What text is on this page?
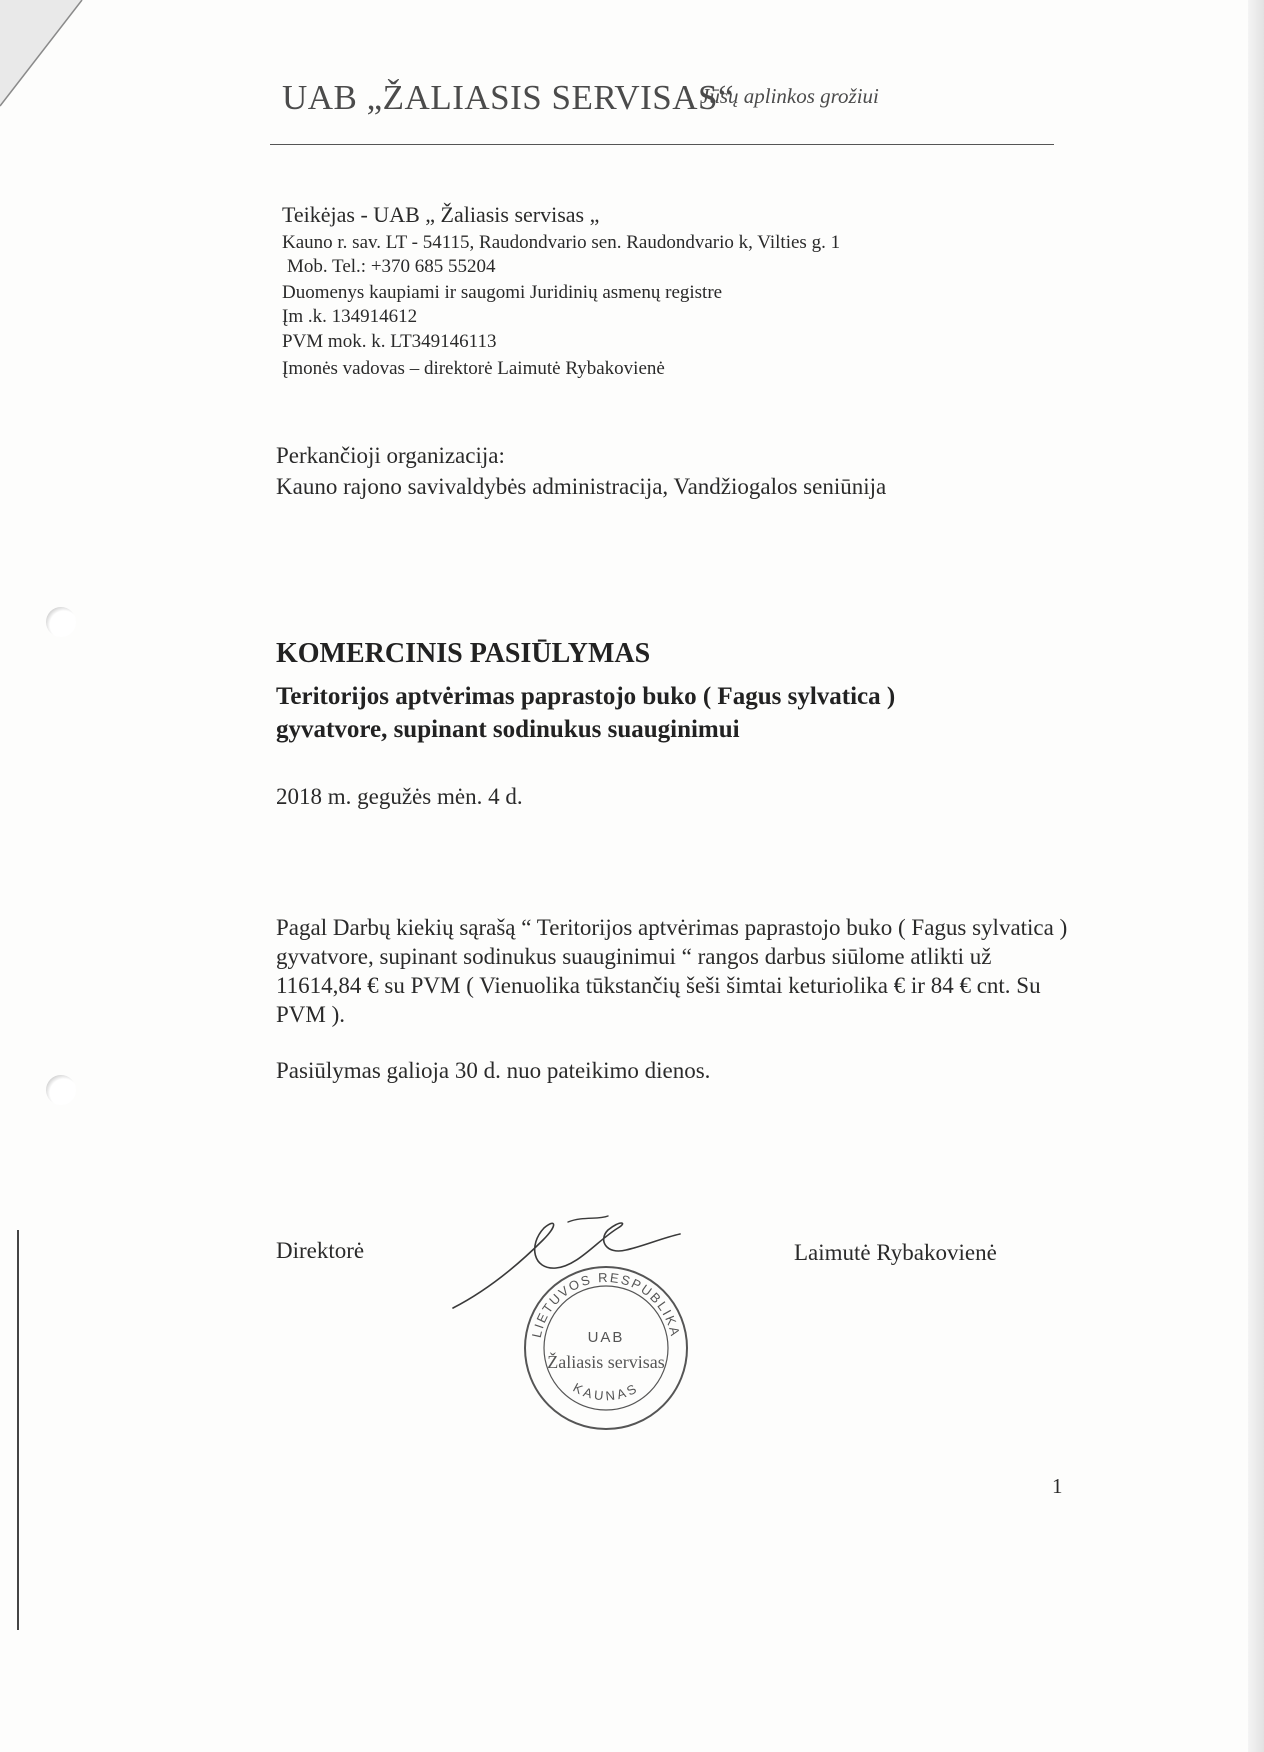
UAB „ŽALIASIS SERVISAS“
Jūsų aplinkos grožiui
Teikėjas - UAB „ Žaliasis servisas „
Kauno r. sav. LT - 54115, Raudondvario sen. Raudondvario k, Vilties g. 1
Mob. Tel.: +370 685 55204
Duomenys kaupiami ir saugomi Juridinių asmenų registre
Įm .k. 134914612
PVM mok. k. LT349146113
Įmonės vadovas – direktorė Laimutė Rybakovienė
Perkančioji organizacija:
Kauno rajono savivaldybės administracija, Vandžiogalos seniūnija
KOMERCINIS PASIŪLYMAS
Teritorijos aptvėrimas paprastojo buko ( Fagus sylvatica )
gyvatvore, supinant sodinukus suauginimui
2018 m. gegužės mėn. 4 d.
Pagal Darbų kiekių sąrašą “ Teritorijos aptvėrimas paprastojo buko ( Fagus sylvatica ) gyvatvore, supinant sodinukus suauginimui “ rangos darbus siūlome atlikti už 11614,84 € su PVM ( Vienuolika tūkstančių šeši šimtai keturiolika € ir 84 € cnt. Su PVM ).
Pasiūlymas galioja 30 d. nuo pateikimo dienos.
Direktorė	Laimutė Rybakovienė
LIETUVOS RESPUBLIKA
KAUNAS
UAB
Žaliasis servisas
1
